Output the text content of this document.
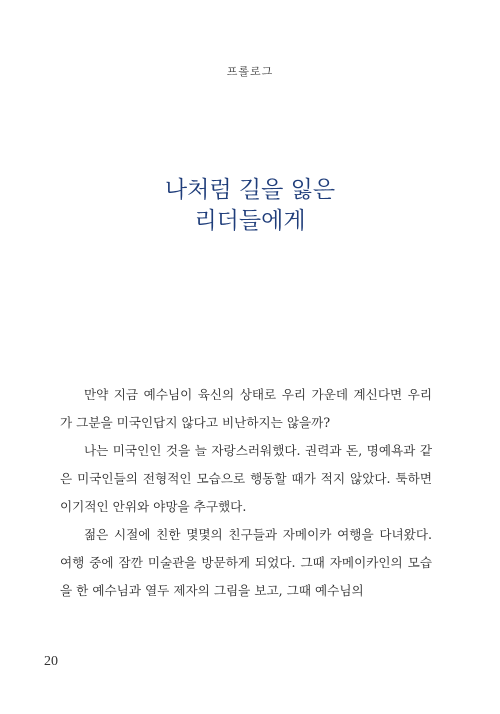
프롤로그
나처럼 길을 잃은
리더들에게

만약 지금 예수님이 육신의 상태로 우리 가운데 계신다면 우리가 그분을 미국인답지 않다고 비난하지는 않을까?

나는 미국인인 것을 늘 자랑스러워했다. 권력과 돈, 명예욕과 같은 미국인들의 전형적인 모습으로 행동할 때가 적지 않았다. 툭하면 이기적인 안위와 야망을 추구했다.

젊은 시절에 친한 몇몇의 친구들과 자메이카 여행을 다녀왔다. 여행 중에 잠깐 미술관을 방문하게 되었다. 그때 자메이카인의 모습을 한 예수님과 열두 제자의 그림을 보고, 그때 예수님의

20
